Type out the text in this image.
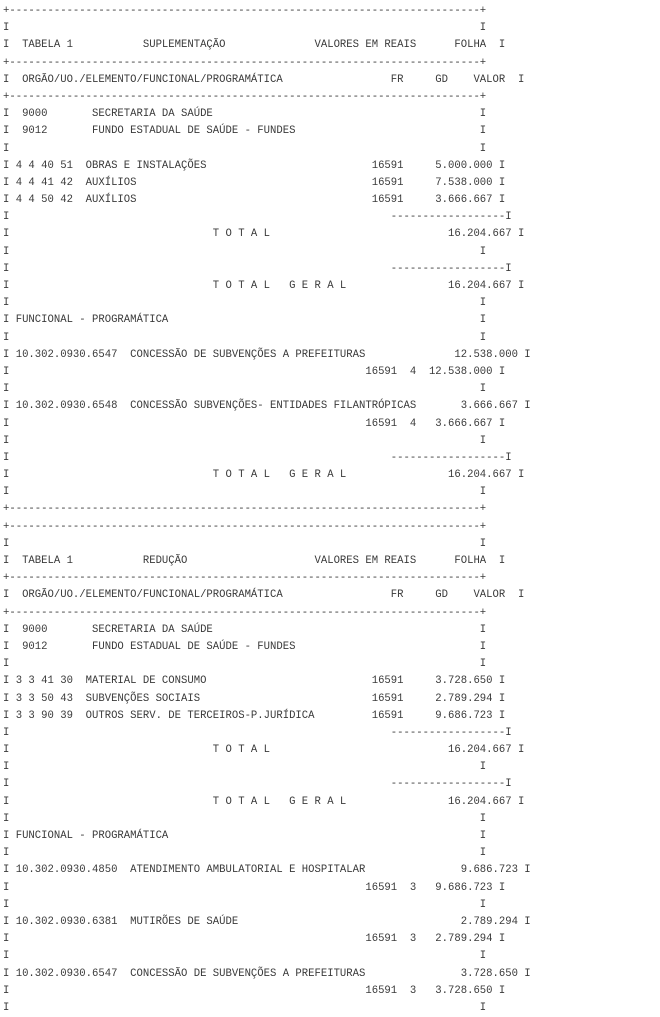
+--------------------------------------------------------------------------+
I                                                                          I
I  TABELA 1           SUPLEMENTAÇÃO              VALORES EM REAIS      FOLHA  I
+--------------------------------------------------------------------------+
I  ORGÃO/UO./ELEMENTO/FUNCIONAL/PROGRAMÁTICA                 FR     GD    VALOR  I
+--------------------------------------------------------------------------+
I  9000       SECRETARIA DA SAÚDE                                          I
I  9012       FUNDO ESTADUAL DE SAÚDE - FUNDES                             I
I                                                                          I
I 4 4 40 51  OBRAS E INSTALAÇÕES                          16591     5.000.000 I
I 4 4 41 42  AUXÍLIOS                                     16591     7.538.000 I
I 4 4 50 42  AUXÍLIOS                                     16591     3.666.667 I
I                                                            ------------------I
I                                T O T A L                            16.204.667 I
I                                                                          I
I                                                            ------------------I
I                                T O T A L   G E R A L                16.204.667 I
I                                                                          I
I FUNCIONAL - PROGRAMÁTICA                                                 I
I                                                                          I
I 10.302.0930.6547  CONCESSÃO DE SUBVENÇÕES A PREFEITURAS              12.538.000 I
I                                                        16591  4  12.538.000 I
I                                                                          I
I 10.302.0930.6548  CONCESSÃO SUBVENÇÕES- ENTIDADES FILANTRÓPICAS       3.666.667 I
I                                                        16591  4   3.666.667 I
I                                                                          I
I                                                            ------------------I
I                                T O T A L   G E R A L                16.204.667 I
I                                                                          I
+--------------------------------------------------------------------------+
+--------------------------------------------------------------------------+
I                                                                          I
I  TABELA 1           REDUÇÃO                    VALORES EM REAIS      FOLHA  I
+--------------------------------------------------------------------------+
I  ORGÃO/UO./ELEMENTO/FUNCIONAL/PROGRAMÁTICA                 FR     GD    VALOR  I
+--------------------------------------------------------------------------+
I  9000       SECRETARIA DA SAÚDE                                          I
I  9012       FUNDO ESTADUAL DE SAÚDE - FUNDES                             I
I                                                                          I
I 3 3 41 30  MATERIAL DE CONSUMO                          16591     3.728.650 I
I 3 3 50 43  SUBVENÇÕES SOCIAIS                           16591     2.789.294 I
I 3 3 90 39  OUTROS SERV. DE TERCEIROS-P.JURÍDICA         16591     9.686.723 I
I                                                            ------------------I
I                                T O T A L                            16.204.667 I
I                                                                          I
I                                                            ------------------I
I                                T O T A L   G E R A L                16.204.667 I
I                                                                          I
I FUNCIONAL - PROGRAMÁTICA                                                 I
I                                                                          I
I 10.302.0930.4850  ATENDIMENTO AMBULATORIAL E HOSPITALAR               9.686.723 I
I                                                        16591  3   9.686.723 I
I                                                                          I
I 10.302.0930.6381  MUTIRÕES DE SAÚDE                                   2.789.294 I
I                                                        16591  3   2.789.294 I
I                                                                          I
I 10.302.0930.6547  CONCESSÃO DE SUBVENÇÕES A PREFEITURAS               3.728.650 I
I                                                        16591  3   3.728.650 I
I                                                                          I
